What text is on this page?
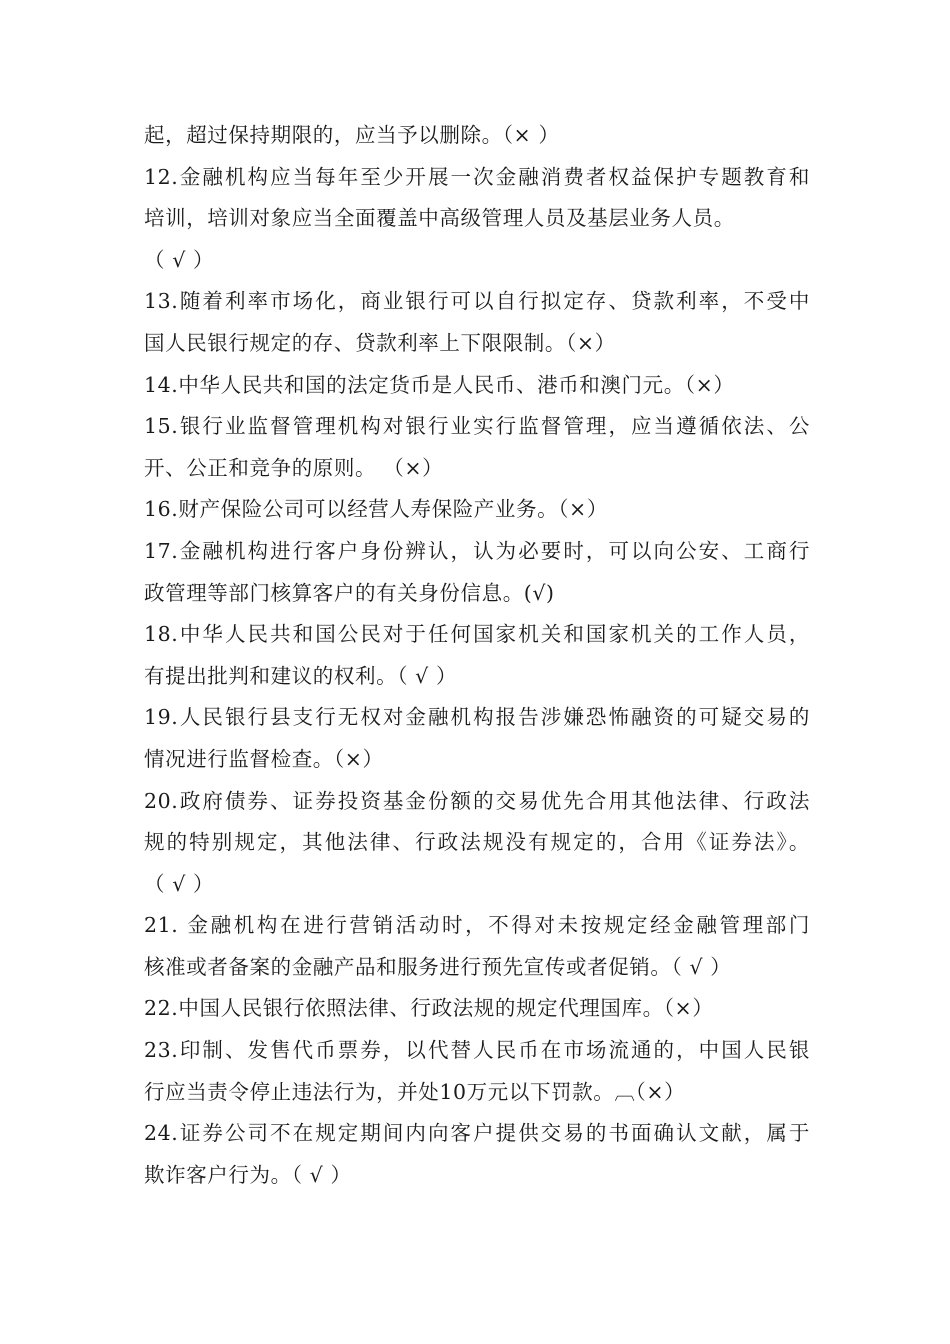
起，超过保持期限的，应当予以删除。（× ）
12.金融机构应当每年至少开展一次金融消费者权益保护专题教育和
培训，培训对象应当全面覆盖中高级管理人员及基层业务人员。
（ √ ）
13.随着利率市场化，商业银行可以自行拟定存、贷款利率，不受中
国人民银行规定的存、贷款利率上下限限制。（×）
14.中华人民共和国的法定货币是人民币、港币和澳门元。（×）
15.银行业监督管理机构对银行业实行监督管理，应当遵循依法、公
开、公正和竞争的原则。 （×）
16.财产保险公司可以经营人寿保险产业务。（×）
17.金融机构进行客户身份辨认，认为必要时，可以向公安、工商行
政管理等部门核算客户的有关身份信息。(√)
18.中华人民共和国公民对于任何国家机关和国家机关的工作人员，
有提出批判和建议的权利。（ √ ）
19.人民银行县支行无权对金融机构报告涉嫌恐怖融资的可疑交易的
情况进行监督检查。（×）
20.政府债券、证券投资基金份额的交易优先合用其他法律、行政法
规的特别规定，其他法律、行政法规没有规定的，合用《证券法》。
（ √ ）
21. 金融机构在进行营销活动时，不得对未按规定经金融管理部门
核准或者备案的金融产品和服务进行预先宣传或者促销。（ √ ）
22.中国人民银行依照法律、行政法规的规定代理国库。（×）
23.印制、发售代币票券，以代替人民币在市场流通的，中国人民银
行应当责令停止违法行为，并处10万元以下罚款。︹（×）
24.证券公司不在规定期间内向客户提供交易的书面确认文献，属于
欺诈客户行为。（ √ ）
